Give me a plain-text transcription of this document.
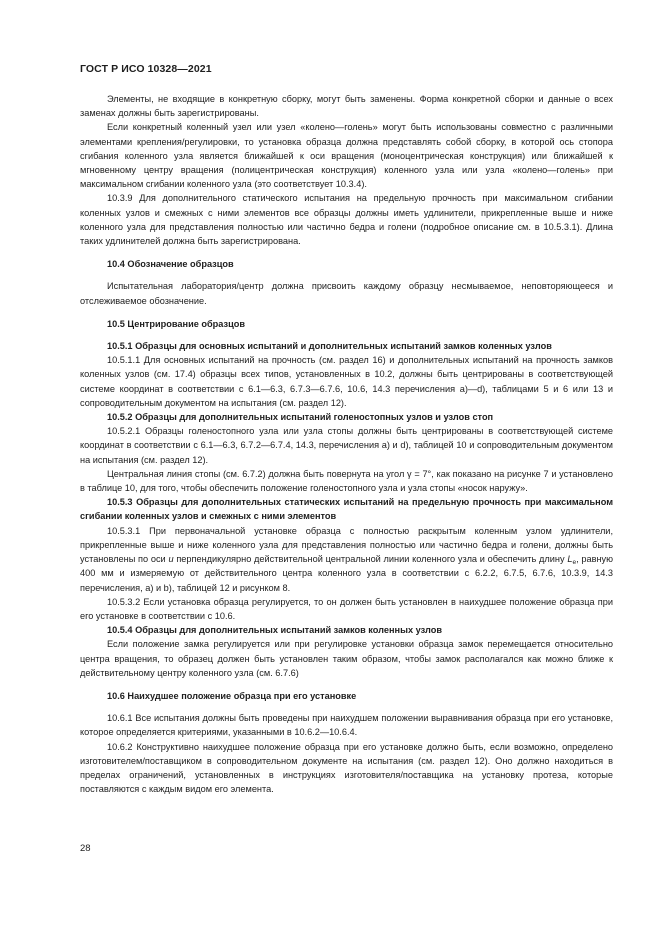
ГОСТ Р ИСО 10328—2021

Элементы, не входящие в конкретную сборку, могут быть заменены. Форма конкретной сборки и данные о всех заменах должны быть зарегистрированы.

Если конкретный коленный узел или узел «колено—голень» могут быть использованы совместно с различными элементами крепления/регулировки, то установка образца должна представлять собой сборку, в которой ось стопора сгибания коленного узла является ближайшей к оси вращения (моноцентрическая конструкция) или ближайшей к мгновенному центру вращения (полицентрическая конструкция) коленного узла или узла «колено—голень» при максимальном сгибании коленного узла (это соответствует 10.3.4).

10.3.9 Для дополнительного статического испытания на предельную прочность при максимальном сгибании коленных узлов и смежных с ними элементов все образцы должны иметь удлинители, прикрепленные выше и ниже коленного узла для представления полностью или частично бедра и голени (подробное описание см. в 10.5.3.1). Длина таких удлинителей должна быть зарегистрирована.

10.4 Обозначение образцов

Испытательная лаборатория/центр должна присвоить каждому образцу несмываемое, неповторяющееся и отслеживаемое обозначение.

10.5 Центрирование образцов

10.5.1 Образцы для основных испытаний и дополнительных испытаний замков коленных узлов

10.5.1.1 Для основных испытаний на прочность (см. раздел 16) и дополнительных испытаний на прочность замков коленных узлов (см. 17.4) образцы всех типов, установленных в 10.2, должны быть центрированы в соответствующей системе координат в соответствии с 6.1—6.3, 6.7.3—6.7.6, 10.6, 14.3 перечисления а)—d), таблицами 5 и 6 или 13 и сопроводительным документом на испытания (см. раздел 12).

10.5.2 Образцы для дополнительных испытаний голеностопных узлов и узлов стоп

10.5.2.1 Образцы голеностопного узла или узла стопы должны быть центрированы в соответствующей системе координат в соответствии с 6.1—6.3, 6.7.2—6.7.4, 14.3, перечисления а) и d), таблицей 10 и сопроводительным документом на испытания (см. раздел 12).

Центральная линия стопы (см. 6.7.2) должна быть повернута на угол γ = 7°, как показано на рисунке 7 и установлено в таблице 10, для того, чтобы обеспечить положение голеностопного узла и узла стопы «носок наружу».

10.5.3 Образцы для дополнительных статических испытаний на предельную прочность при максимальном сгибании коленных узлов и смежных с ними элементов

10.5.3.1 При первоначальной установке образца с полностью раскрытым коленным узлом удлинители, прикрепленные выше и ниже коленного узла для представления полностью или частично бедра и голени, должны быть установлены по оси u перпендикулярно действительной центральной линии коленного узла и обеспечить длину $L_e$, равную 400 мм и измеряемую от действительного центра коленного узла в соответствии с 6.2.2, 6.7.5, 6.7.6, 10.3.9, 14.3 перечисления, а) и b), таблицей 12 и рисунком 8.

10.5.3.2 Если установка образца регулируется, то он должен быть установлен в наихудшее положение образца при его установке в соответствии с 10.6.

10.5.4 Образцы для дополнительных испытаний замков коленных узлов

Если положение замка регулируется или при регулировке установки образца замок перемещается относительно центра вращения, то образец должен быть установлен таким образом, чтобы замок располагался как можно ближе к действительному центру коленного узла (см. 6.7.6)

10.6 Наихудшее положение образца при его установке

10.6.1 Все испытания должны быть проведены при наихудшем положении выравнивания образца при его установке, которое определяется критериями, указанными в 10.6.2—10.6.4.

10.6.2 Конструктивно наихудшее положение образца при его установке должно быть, если возможно, определено изготовителем/поставщиком в сопроводительном документе на испытания (см. раздел 12). Оно должно находиться в пределах ограничений, установленных в инструкциях изготовителя/поставщика на установку протеза, которые поставляются с каждым видом его элемента.

28
